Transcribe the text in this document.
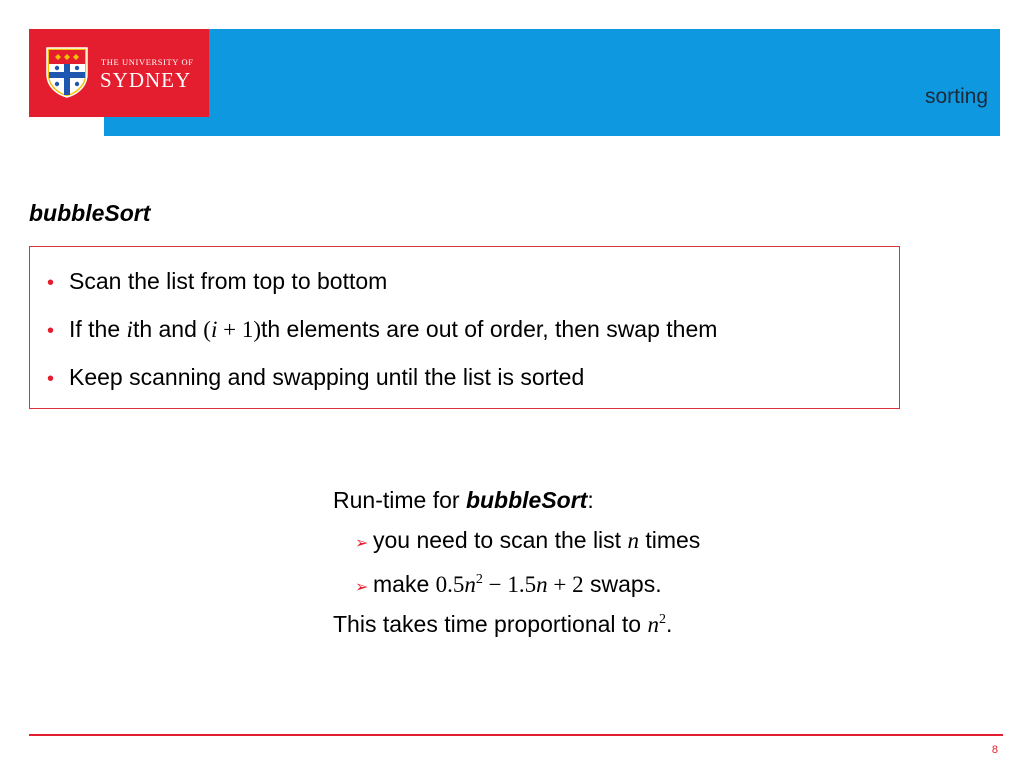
sorting
THE UNIVERSITY OF
SYDNEY
bubbleSort
• Scan the list from top to bottom
• If the ith and (i + 1)th elements are out of order, then swap them
• Keep scanning and swapping until the list is sorted
Run-time for bubbleSort:
➢ you need to scan the list n times
➢ make $0.5n^2 - 1.5n + 2$ swaps.
This takes time proportional to $n^2$.
8
